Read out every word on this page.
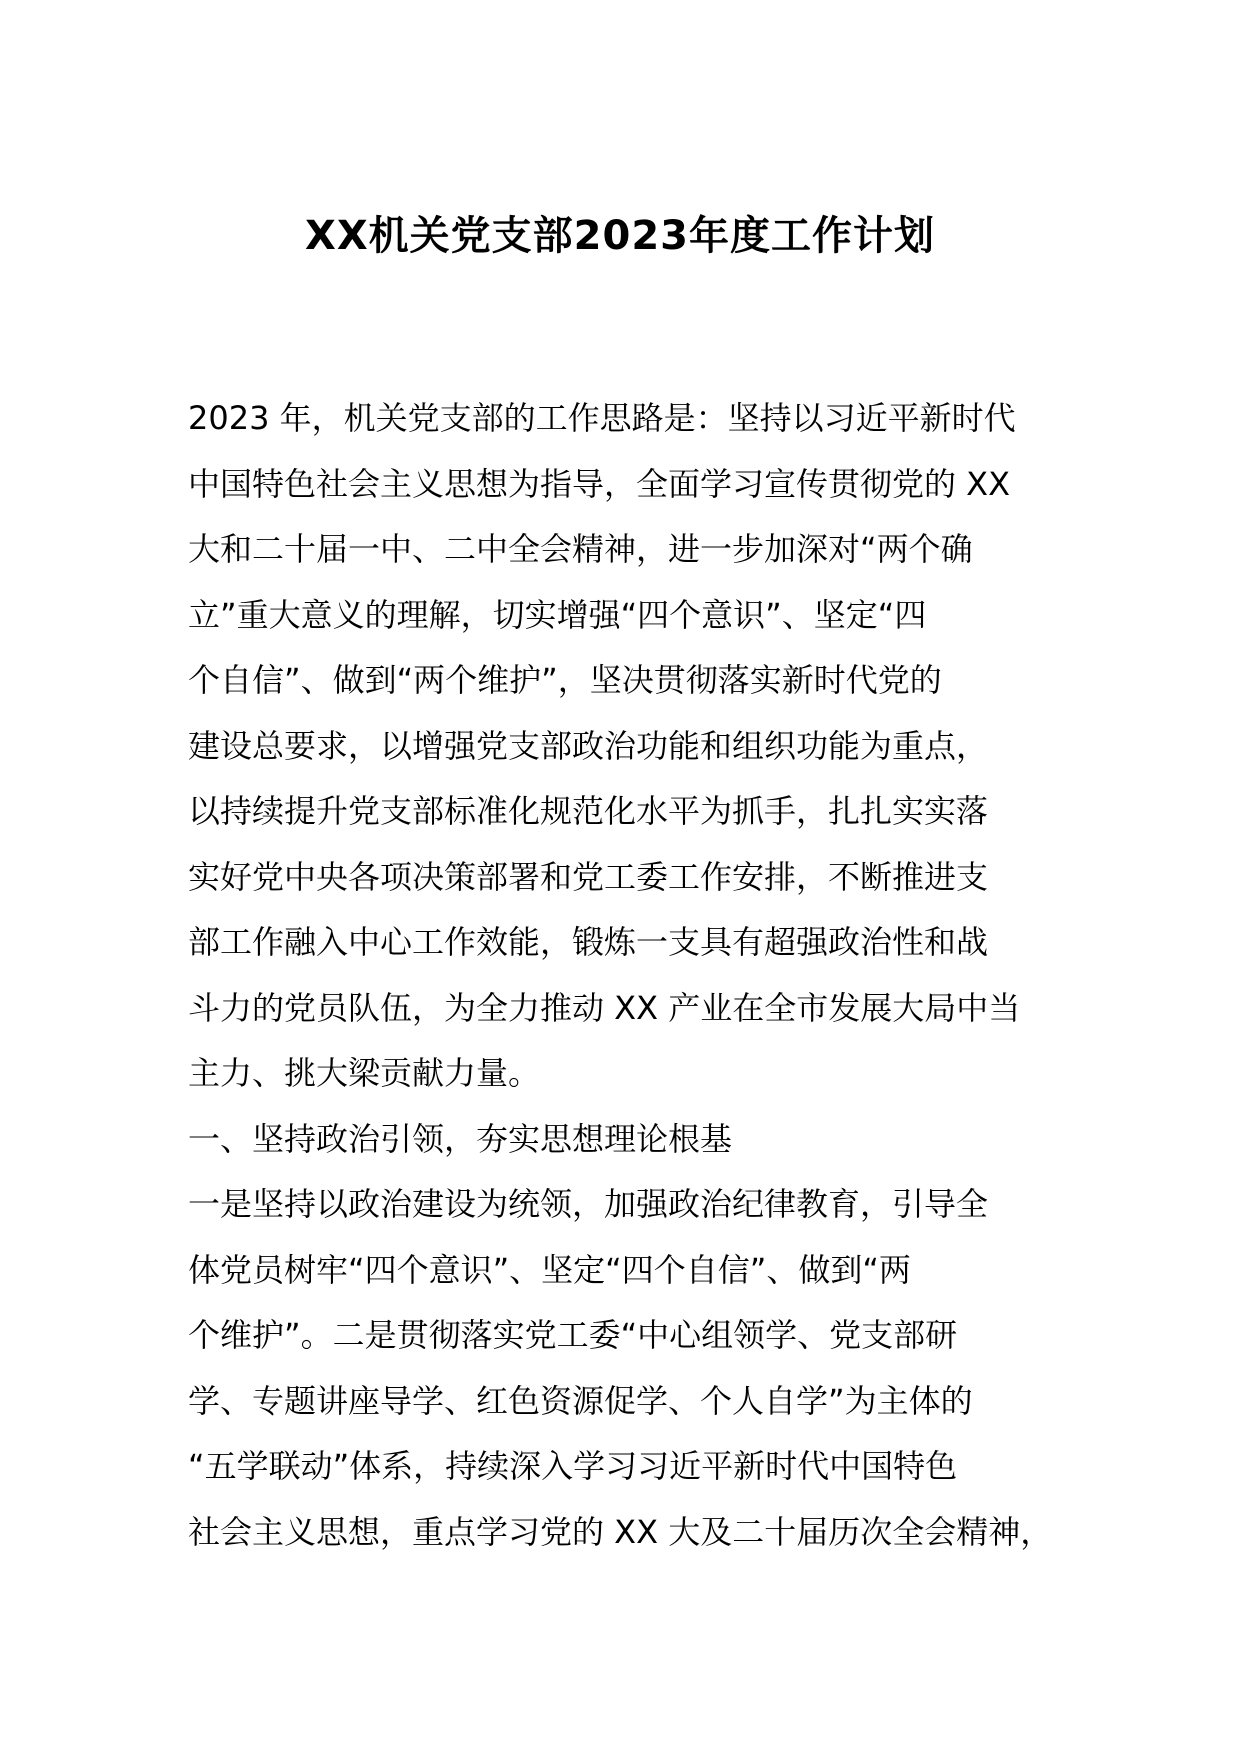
XX机关党支部2023年度工作计划
2023 年，机关党支部的工作思路是：坚持以习近平新时代
中国特色社会主义思想为指导，全面学习宣传贯彻党的 XX
大和二十届一中、二中全会精神，进一步加深对“两个确
立”重大意义的理解，切实增强“四个意识”、坚定“四
个自信”、做到“两个维护”，坚决贯彻落实新时代党的
建设总要求，以增强党支部政治功能和组织功能为重点，
以持续提升党支部标准化规范化水平为抓手，扎扎实实落
实好党中央各项决策部署和党工委工作安排，不断推进支
部工作融入中心工作效能，锻炼一支具有超强政治性和战
斗力的党员队伍，为全力推动 XX 产业在全市发展大局中当
主力、挑大梁贡献力量。
一、坚持政治引领，夯实思想理论根基
一是坚持以政治建设为统领，加强政治纪律教育，引导全
体党员树牢“四个意识”、坚定“四个自信”、做到“两
个维护”。二是贯彻落实党工委“中心组领学、党支部研
学、专题讲座导学、红色资源促学、个人自学”为主体的
“五学联动”体系，持续深入学习习近平新时代中国特色
社会主义思想，重点学习党的 XX 大及二十届历次全会精神，
